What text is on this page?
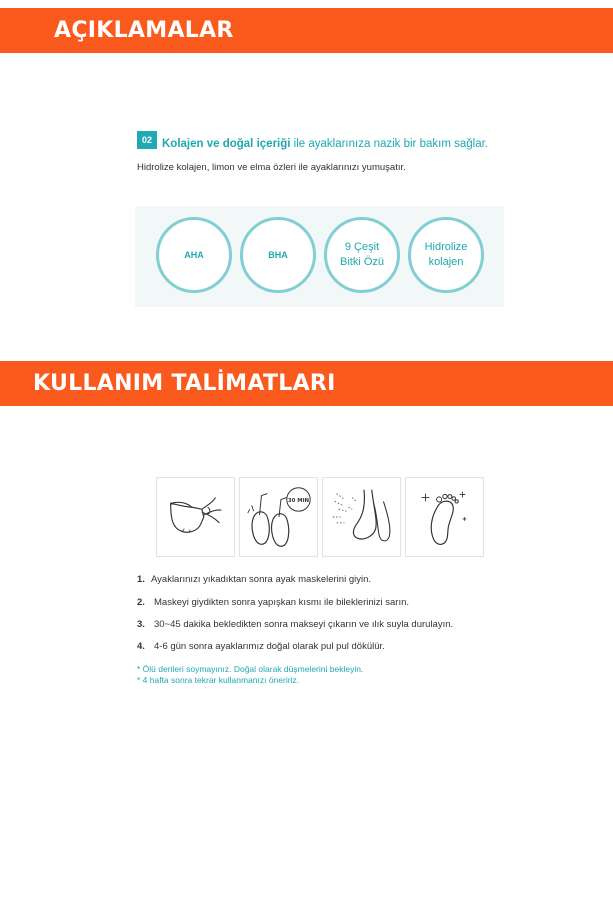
AÇIKLAMALAR
02 Kolajen ve doğal içeriği ile ayaklarınıza nazik bir bakım sağlar.
Hidrolize kolajen, limon ve elma özleri ile ayaklarınızı yumuşatır.
AHA	BHA
9 Çeşit
Bitki Özü
Hidrolize
kolajen
KULLANIM TALİMATLARI
30 MIN
1. Ayaklarınızı yıkadıktan sonra ayak maskelerini giyin.
2. Maskeyi giydikten sonra yapışkan kısmı ile bileklerinizi sarın.
3. 30~45 dakika bekledikten sonra makseyi çıkarın ve ılık suyla durulayın.
4. 4-6 gün sonra ayaklarımız doğal olarak pul pul dökülür.
* Ölü derileri soymayınız. Doğal olarak düşmelerini bekleyin.
* 4 hafta sonra tekrar kullanmanızı öneririz.
